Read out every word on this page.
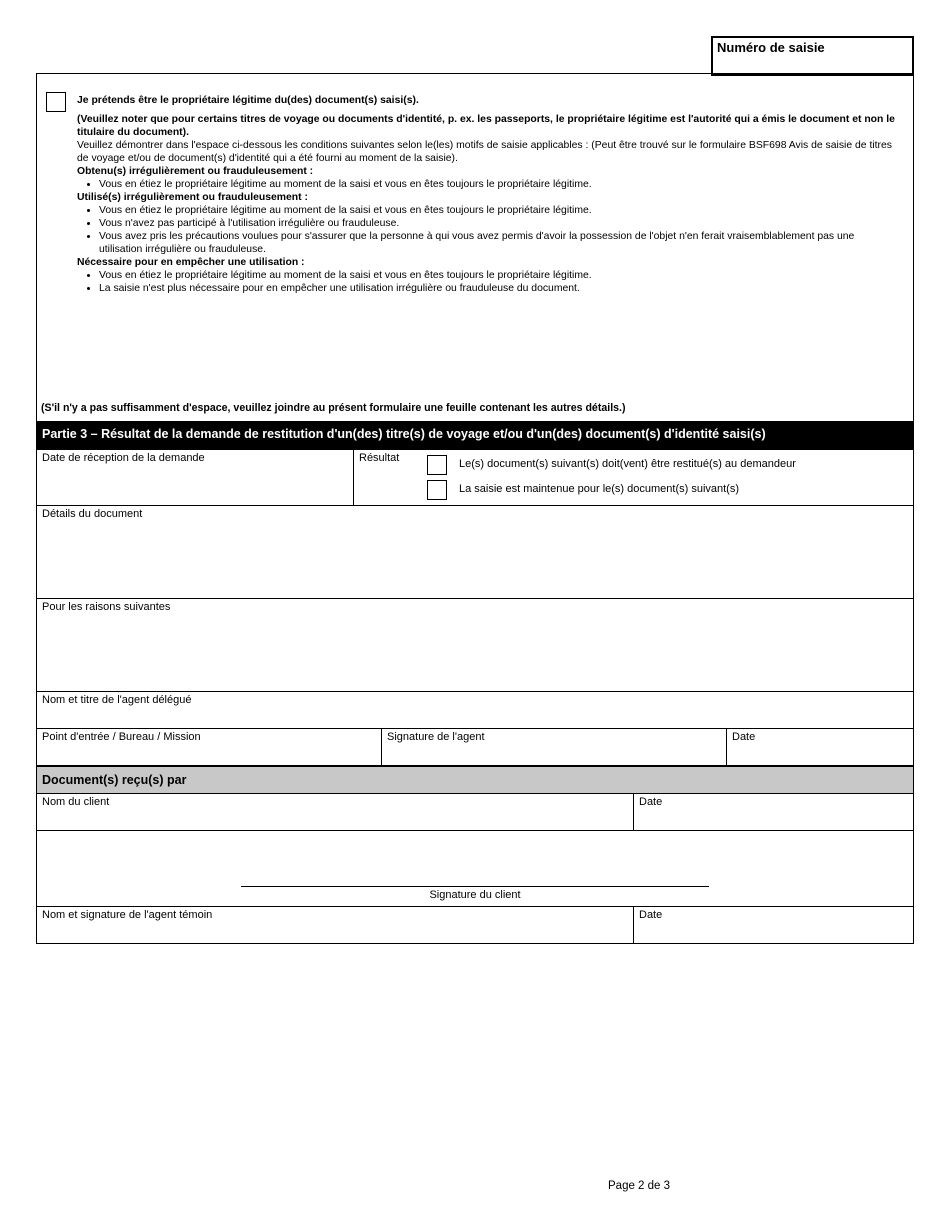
Numéro de saisie

Je prétends être le propriétaire légitime du(des) document(s) saisi(s).

(Veuillez noter que pour certains titres de voyage ou documents d'identité, p. ex. les passeports, le propriétaire légitime est l'autorité qui a émis le document et non le titulaire du document).

Veuillez démontrer dans l'espace ci-dessous les conditions suivantes selon le(les) motifs de saisie applicables : (Peut être trouvé sur le formulaire BSF698 Avis de saisie de titres de voyage et/ou de document(s) d'identité qui a été fourni au moment de la saisie).

Obtenu(s) irrégulièrement ou frauduleusement :

• Vous en étiez le propriétaire légitime au moment de la saisi et vous en êtes toujours le propriétaire légitime.

Utilisé(s) irrégulièrement ou frauduleusement :

• Vous en étiez le propriétaire légitime au moment de la saisi et vous en êtes toujours le propriétaire légitime.
• Vous n'avez pas participé à l'utilisation irrégulière ou frauduleuse.
• Vous avez pris les précautions voulues pour s'assurer que la personne à qui vous avez permis d'avoir la possession de l'objet n'en ferait vraisemblablement pas une utilisation irrégulière ou frauduleuse.

Nécessaire pour en empêcher une utilisation :

• Vous en étiez le propriétaire légitime au moment de la saisi et vous en êtes toujours le propriétaire légitime.
• La saisie n'est plus nécessaire pour en empêcher une utilisation irrégulière ou frauduleuse du document.
(S'il n'y a pas suffisamment d'espace, veuillez joindre au présent formulaire une feuille contenant les autres détails.)
Partie 3 – Résultat de la demande de restitution d'un(des) titre(s) de voyage et/ou d'un(des) document(s) d'identité saisi(s)
Date de réception de la demande	Résultat	Le(s) document(s) suivant(s) doit(vent) être restitué(s) au demandeur
La saisie est maintenue pour le(s) document(s) suivant(s)
Détails du document
Pour les raisons suivantes
Nom et titre de l'agent délégué
Point d'entrée / Bureau / Mission	Signature de l'agent	Date
Document(s) reçu(s) par
Nom du client	Date
Signature du client
Nom et signature de l'agent témoin	Date
Page 2 de 3
